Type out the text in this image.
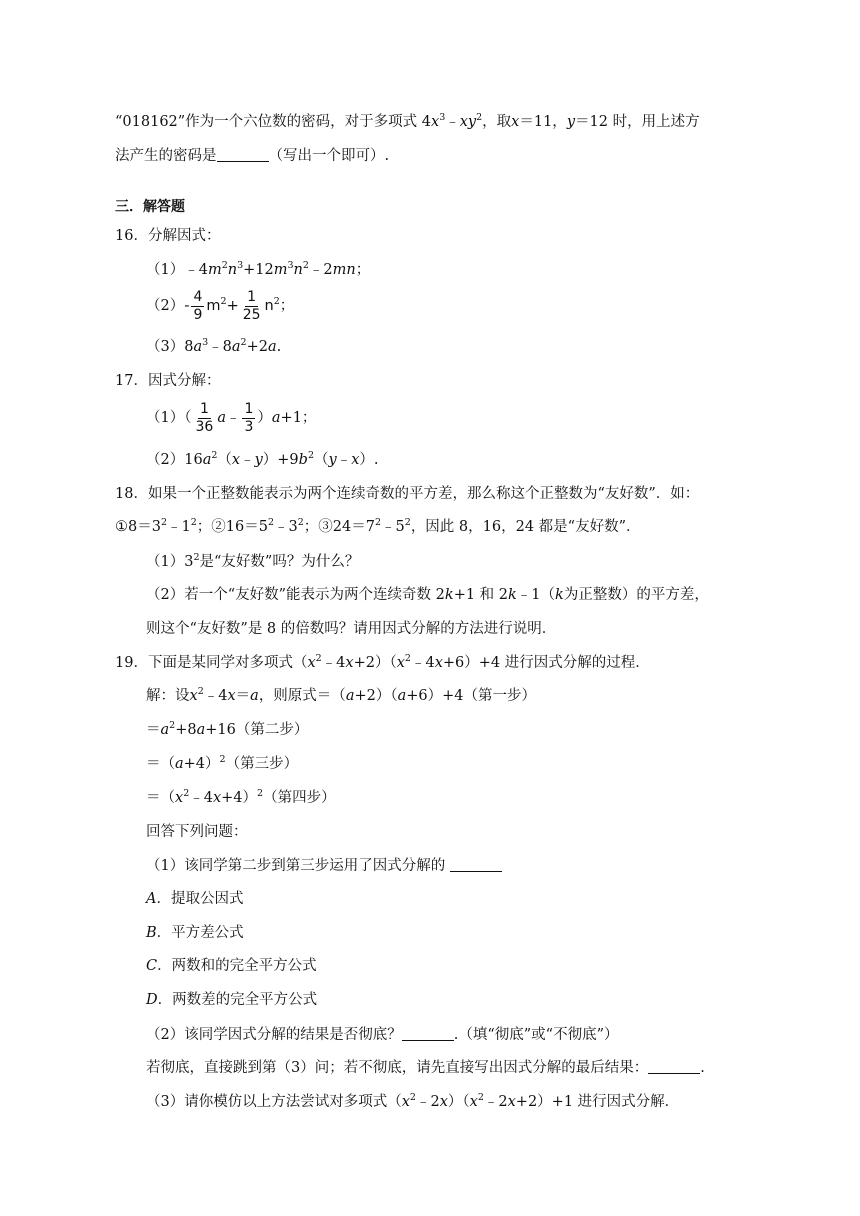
“018162”作为一个六位数的密码，对于多项式 $4x^3﹣xy^2$，取x＝11，y＝12 时，用上述方
法产生的密码是	（写出一个即可）.
三．解答题
16．分解因式：
$(1)﹣4m^2n^3+12m^3n^2﹣2mn$；
$(2)- \frac{4}{9} m^2+ \frac{1}{25} n^2$；
$(3)8a^3﹣8a^2+2a$.
17．因式分解：
$(1)( \frac{1}{36}$ a﹣ $\frac{1}{3} )a+1$；
$(2)16a^2(x﹣y)+9b^2(y﹣x)$.
18．如果一个正整数能表示为两个连续奇数的平方差，那么称这个正整数为“友好数”．如：
$①8=3^2﹣1^2$；$②16=5^2﹣3^2$；$③24=7^2﹣5^2$，因此 8，16，24 都是“友好数”．
$(1)3^2$是“友好数”吗？为什么？
（2）若一个“友好数”能表示为两个连续奇数 2k+1 和 2k﹣1（k为正整数）的平方差，
则这个“友好数”是 8 的倍数吗？请用因式分解的方法进行说明．
19．下面是某同学对多项式$(x^2﹣4x+2)(x^2﹣4x+6)+4$ 进行因式分解的过程．
解：设$x^2﹣4x=a$，则原式＝（a+2）（a+6）+4（第一步）
$=a^2+8a+16$（第二步）
$=(a+4)^2$（第三步）
$=(x^2﹣4x+4)^2$（第四步）
回答下列问题：
（1）该同学第二步到第三步运用了因式分解的
A．提取公因式
B．平方差公式
C．两数和的完全平方公式
D．两数差的完全平方公式
（2）该同学因式分解的结果是否彻底？	.（填“彻底”或“不彻底”）
若彻底，直接跳到第（3）问；若不彻底，请先直接写出因式分解的最后结果：	.
（3）请你模仿以上方法尝试对多项式$(x^2﹣2x)(x^2﹣2x+2)+1$ 进行因式分解．
